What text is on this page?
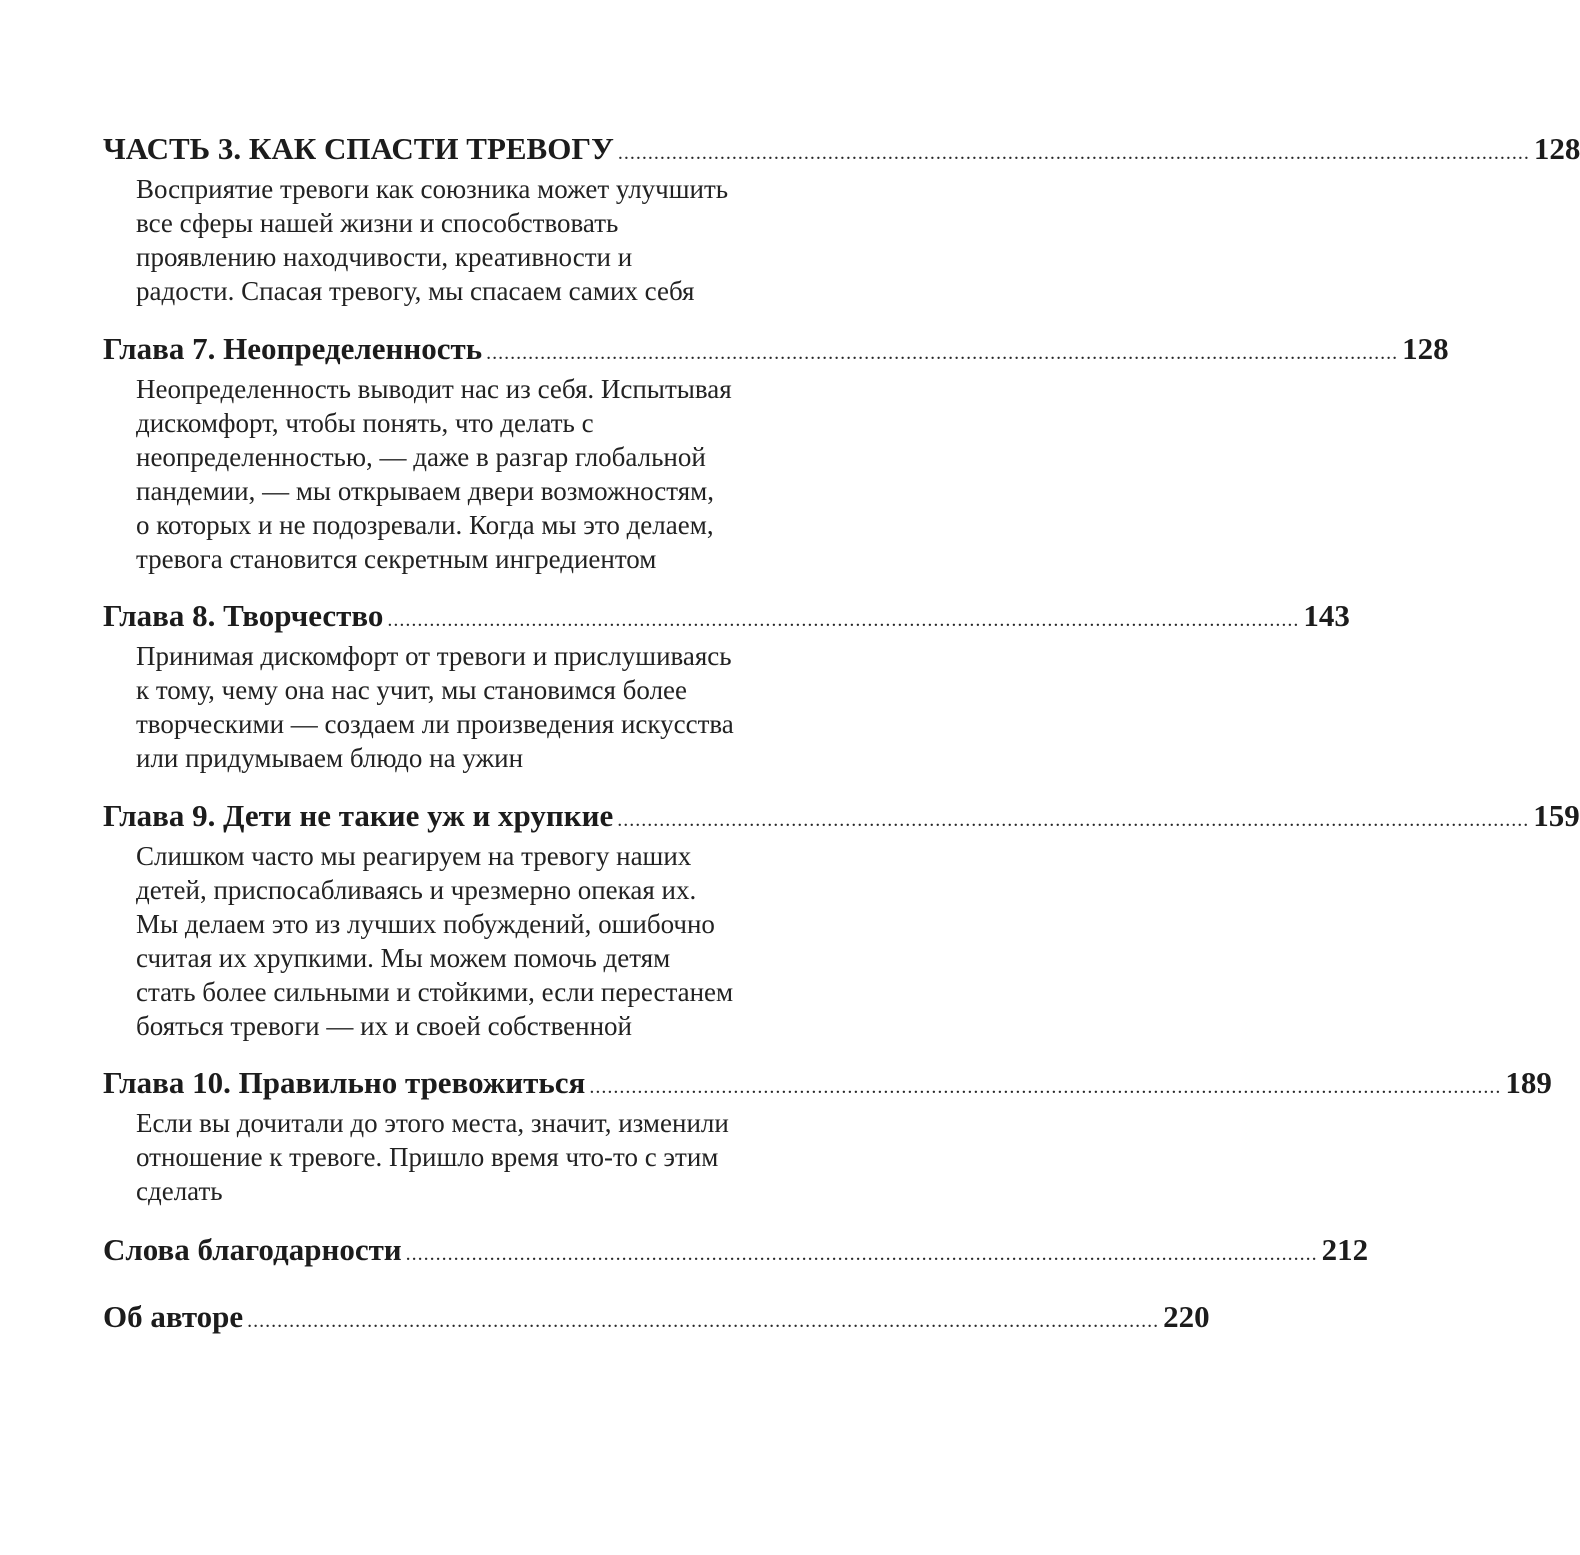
ЧАСТЬ 3. КАК СПАСТИ ТРЕВОГУ ........................................................................................................................................................ 128
Восприятие тревоги как союзника может улучшить
все сферы нашей жизни и способствовать
проявлению находчивости, креативности и
радости. Спасая тревогу, мы спасаем самих себя
Глава 7. Неопределенность ........................................................................................................................................................ 128
Неопределенность выводит нас из себя. Испытывая
дискомфорт, чтобы понять, что делать с
неопределенностью, — даже в разгар глобальной
пандемии, — мы открываем двери возможностям,
о которых и не подозревали. Когда мы это делаем,
тревога становится секретным ингредиентом
Глава 8. Творчество ........................................................................................................................................................ 143
Принимая дискомфорт от тревоги и прислушиваясь
к тому, чему она нас учит, мы становимся более
творческими — создаем ли произведения искусства
или придумываем блюдо на ужин
Глава 9. Дети не такие уж и хрупкие ........................................................................................................................................................ 159
Слишком часто мы реагируем на тревогу наших
детей, приспосабливаясь и чрезмерно опекая их.
Мы делаем это из лучших побуждений, ошибочно
считая их хрупкими. Мы можем помочь детям
стать более сильными и стойкими, если перестанем
бояться тревоги — их и своей собственной
Глава 10. Правильно тревожиться ........................................................................................................................................................ 189
Если вы дочитали до этого места, значит, изменили
отношение к тревоге. Пришло время что-то с этим
сделать
Слова благодарности ........................................................................................................................................................ 212
Об авторе ........................................................................................................................................................ 220
